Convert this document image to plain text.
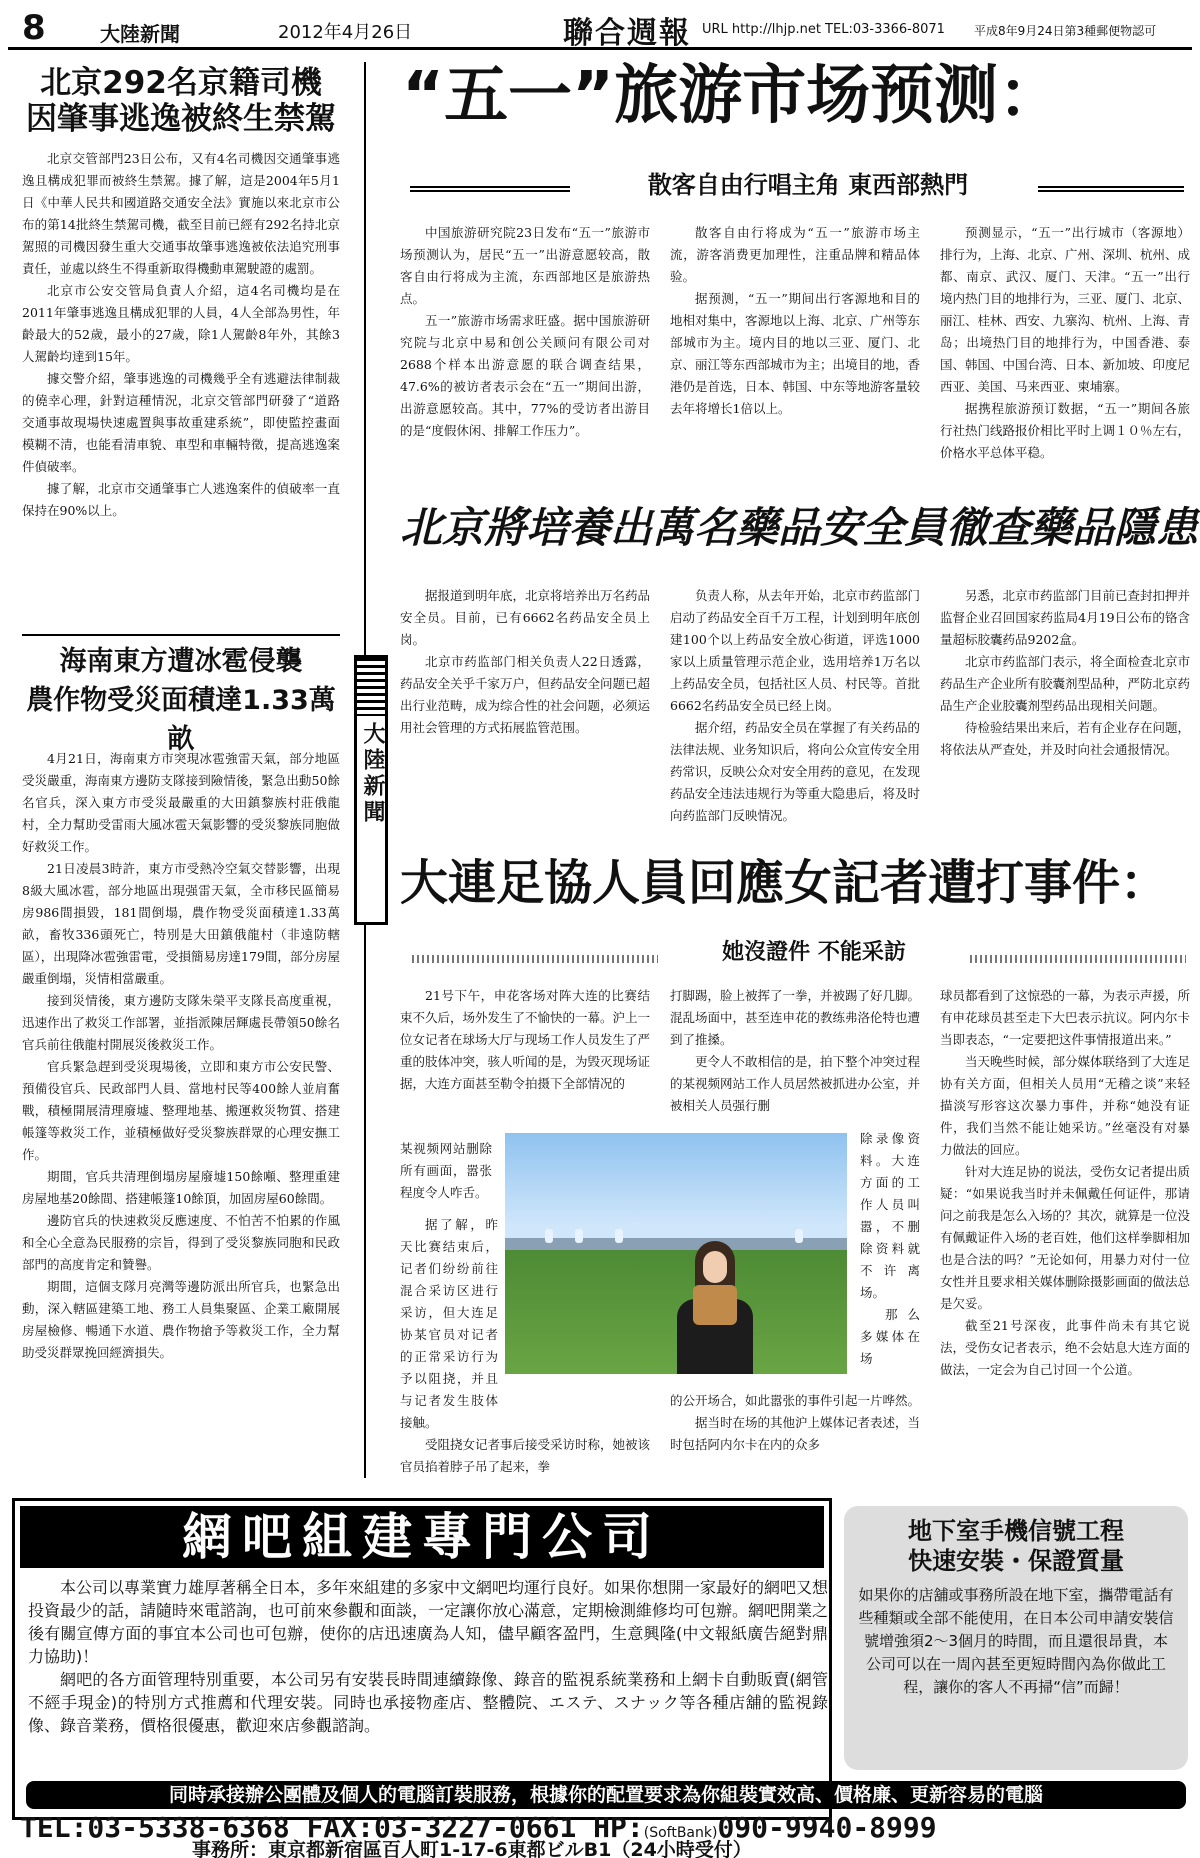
8	大陸新聞	2012年4月26日	聯合週報 URL http://lhjp.net TEL:03-3366-8071 平成8年9月24日第3種郵便物認可
北京292名京籍司機
因肇事逃逸被終生禁駕

北京交管部門23日公布，又有4名司機因交通肇事逃逸且構成犯罪而被終生禁駕。據了解，這是2004年5月1日《中華人民共和國道路交通安全法》實施以來北京市公布的第14批終生禁駕司機，截至目前已經有292名持北京駕照的司機因發生重大交通事故肇事逃逸被依法追究刑事責任，並處以終生不得重新取得機動車駕駛證的處罰。

北京市公安交管局負責人介紹，這4名司機均是在2011年肇事逃逸且構成犯罪的人員，4人全部為男性，年齡最大的52歲，最小的27歲，除1人駕齡8年外，其餘3人駕齡均達到15年。

據交警介紹，肇事逃逸的司機幾乎全有逃避法律制裁的僥幸心理，針對這種情況，北京交管部門研發了“道路交通事故現場快速處置與事故重建系統”，即使監控畫面模糊不清，也能看清車貌、車型和車輛特徵，提高逃逸案件偵破率。

據了解，北京市交通肇事亡人逃逸案件的偵破率一直保持在90%以上。

海南東方遭冰雹侵襲
農作物受災面積達1.33萬畝

4月21日，海南東方市突現冰雹強雷天氣，部分地區受災嚴重，海南東方邊防支隊接到險情後，緊急出動50餘名官兵，深入東方市受災最嚴重的大田鎮黎族村莊俄龍村，全力幫助受雷雨大風冰雹天氣影響的受災黎族同胞做好救災工作。

21日凌晨3時許，東方市受熱冷空氣交替影響，出現8級大風冰雹，部分地區出現强雷天氣，全市移民區簡易房986間損毀，181間倒塌，農作物受災面積達1.33萬畝，畜牧336頭死亡，特別是大田鎮俄龍村（非遠防轄區），出現降冰雹強雷電，受損簡易房達179間，部分房屋嚴重倒塌，災情相當嚴重。

接到災情後，東方邊防支隊朱榮平支隊長高度重視，迅速作出了救災工作部署，並指派陳居輝處長帶領50餘名官兵前往俄龍村開展災後救災工作。

官兵緊急趕到受災現場後，立即和東方市公安民警、預備役官兵、民政部門人員、當地村民等400餘人並肩奮戰，積極開展清理廢墟、整理地基、搬運救災物質、搭建帳篷等救災工作，並積極做好受災黎族群眾的心理安撫工作。

期間，官兵共清理倒塌房屋廢墟150餘噸、整理重建房屋地基20餘間、搭建帳篷10餘頂，加固房屋60餘間。

邊防官兵的快速救災反應速度、不怕苦不怕累的作風和全心全意為民服務的宗旨，得到了受災黎族同胞和民政部門的高度肯定和贊譽。

期間，這個支隊月亮灣等邊防派出所官兵，也緊急出動，深入轄區建築工地、務工人員集聚區、企業工廠開展房屋檢修、暢通下水道、農作物搶予等救災工作，全力幫助受災群眾挽回經濟損失。

大陸新聞
“五一”旅游市场预测：
散客自由行唱主角 東西部熱門

中国旅游研究院23日发布“五一”旅游市场预测认为，居民“五一”出游意愿较高，散客自由行将成为主流，东西部地区是旅游热点。

五一”旅游市场需求旺盛。据中国旅游研究院与北京中易和创公关顾问有限公司对2688个样本出游意愿的联合调查结果，47.6%的被访者表示会在“五一”期间出游，出游意愿较高。其中，77%的受访者出游目的是“度假休闲、排解工作压力”。

散客自由行将成为“五一”旅游市场主流，游客消费更加理性，注重品牌和精品体验。

据预测，“五一”期间出行客源地和目的地相对集中，客源地以上海、北京、广州等东部城市为主。境内目的地以三亚、厦门、北京、丽江等东西部城市为主；出境目的地，香港仍是首选，日本、韩国、中东等地游客量较去年将增长1倍以上。

预测显示，“五一”出行城市（客源地）排行为，上海、北京、广州、深圳、杭州、成都、南京、武汉、厦门、天津。“五一”出行境内热门目的地排行为，三亚、厦门、北京、丽江、桂林、西安、九寨沟、杭州、上海、青岛；出境热门目的地排行为，中国香港、泰国、韩国、中国台湾、日本、新加坡、印度尼西亚、美国、马来西亚、柬埔寨。

据携程旅游预订数据，“五一”期间各旅行社热门线路报价相比平时上调１０％左右，价格水平总体平稳。

北京將培養出萬名藥品安全員徹查藥品隱患

据报道到明年底，北京将培养出万名药品安全员。目前，已有6662名药品安全员上岗。

北京市药监部门相关负责人22日透露，药品安全关乎千家万户，但药品安全问题已超出行业范畴，成为综合性的社会问题，必须运用社会管理的方式拓展监管范围。

负责人称，从去年开始，北京市药监部门启动了药品安全百千万工程，计划到明年底创建100个以上药品安全放心街道，评选1000家以上质量管理示范企业，选用培养1万名以上药品安全员，包括社区人员、村民等。首批6662名药品安全员已经上岗。

据介绍，药品安全员在掌握了有关药品的法律法规、业务知识后，将向公众宣传安全用药常识，反映公众对安全用药的意见，在发现药品安全违法违规行为等重大隐患后，将及时向药监部门反映情况。

另悉，北京市药监部门目前已查封扣押并监督企业召回国家药监局4月19日公布的铬含量超标胶囊药品9202盒。

北京市药监部门表示，将全面检查北京市药品生产企业所有胶囊剂型品种，严防北京药品生产企业胶囊剂型药品出现相关问题。

待检验结果出来后，若有企业存在问题，将依法从严查处，并及时向社会通报情况。

大連足協人員回應女記者遭打事件：
她沒證件 不能采訪

21号下午，申花客场对阵大连的比赛结束不久后，场外发生了不愉快的一幕。沪上一位女记者在球场大厅与现场工作人员发生了严重的肢体冲突，骇人听闻的是，为毁灭现场证据，大连方面甚至勒令拍摄下全部情况的

某视频网站删除所有画面，嚣张程度令人咋舌。

据了解，昨天比赛结束后，记者们纷纷前往混合采访区进行采访，但大连足协某官员对记者的正常采访行为予以阻挠，并且与记者发生肢体接触。

受阻挠女记者事后接受采访时称，她被该官员掐着脖子吊了起来，拳

打脚踢，脸上被挥了一拳，并被踢了好几脚。混乱场面中，甚至连申花的教练弗洛伦特也遭到了推搡。

更令人不敢相信的是，拍下整个冲突过程的某视频网站工作人员居然被抓进办公室，并被相关人员强行删

除录像资料。大连方面的工作人员叫嚣，不删除资料就不许离场。

那么多媒体在场

的公开场合，如此嚣张的事件引起一片哗然。

据当时在场的其他沪上媒体记者表述，当时包括阿内尔卡在内的众多

球员都看到了这惊恐的一幕，为表示声援，所有申花球员甚至走下大巴表示抗议。阿内尔卡当即表态，“一定要把这件事情报道出来。”

当天晚些时候，部分媒体联络到了大连足协有关方面，但相关人员用“无稽之谈”来轻描淡写形容这次暴力事件，并称“她没有证件，我们当然不能让她采访。”丝毫没有对暴力做法的回应。

针对大连足协的说法，受伤女记者提出质疑：“如果说我当时并未佩戴任何证件，那请问之前我是怎么入场的？其次，就算是一位没有佩戴证件入场的老百姓，他们这样拳脚相加也是合法的吗？”无论如何，用暴力对付一位女性并且要求相关媒体删除摄影画面的做法总是欠妥。

截至21号深夜，此事件尚未有其它说法，受伤女记者表示，绝不会姑息大连方面的做法，一定会为自己讨回一个公道。

網吧組建專門公司

本公司以專業實力雄厚著稱全日本，多年來組建的多家中文網吧均運行良好。如果你想開一家最好的網吧又想投資最少的話，請隨時來電諮詢，也可前來參觀和面談，一定讓你放心滿意，定期檢測維修均可包辦。網吧開業之後有關宣傳方面的事宜本公司也可包辦，使你的店迅速廣為人知，儘早顧客盈門，生意興隆(中文報紙廣告絕對鼎力協助)！

網吧的各方面管理特別重要，本公司另有安裝長時間連續錄像、錄音的監視系統業務和上網卡自動販賣(網管不經手現金)的特別方式推薦和代理安裝。同時也承接物產店、整體院、エステ、スナック等各種店舖的監視錄像、錄音業務，價格很優惠，歡迎來店參觀諮詢。

地下室手機信號工程
快速安裝・保證質量
如果你的店舖或事務所設在地下室，攜帶電話有些種類或全部不能使用，在日本公司申請安裝信號增強須2～3個月的時間，而且還很昂貴，本公司可以在一周內甚至更短時間內為你做此工程，讓你的客人不再掃“信”而歸！
同時承接辦公團體及個人的電腦訂裝服務，根據你的配置要求為你組裝實效高、價格廉、更新容易的電腦
TEL:03-5338-6368 FAX:03-3227-0661 HP:(SoftBank)090-9940-8999
事務所：東京都新宿區百人町1-17-6東都ビルB1（24小時受付）
